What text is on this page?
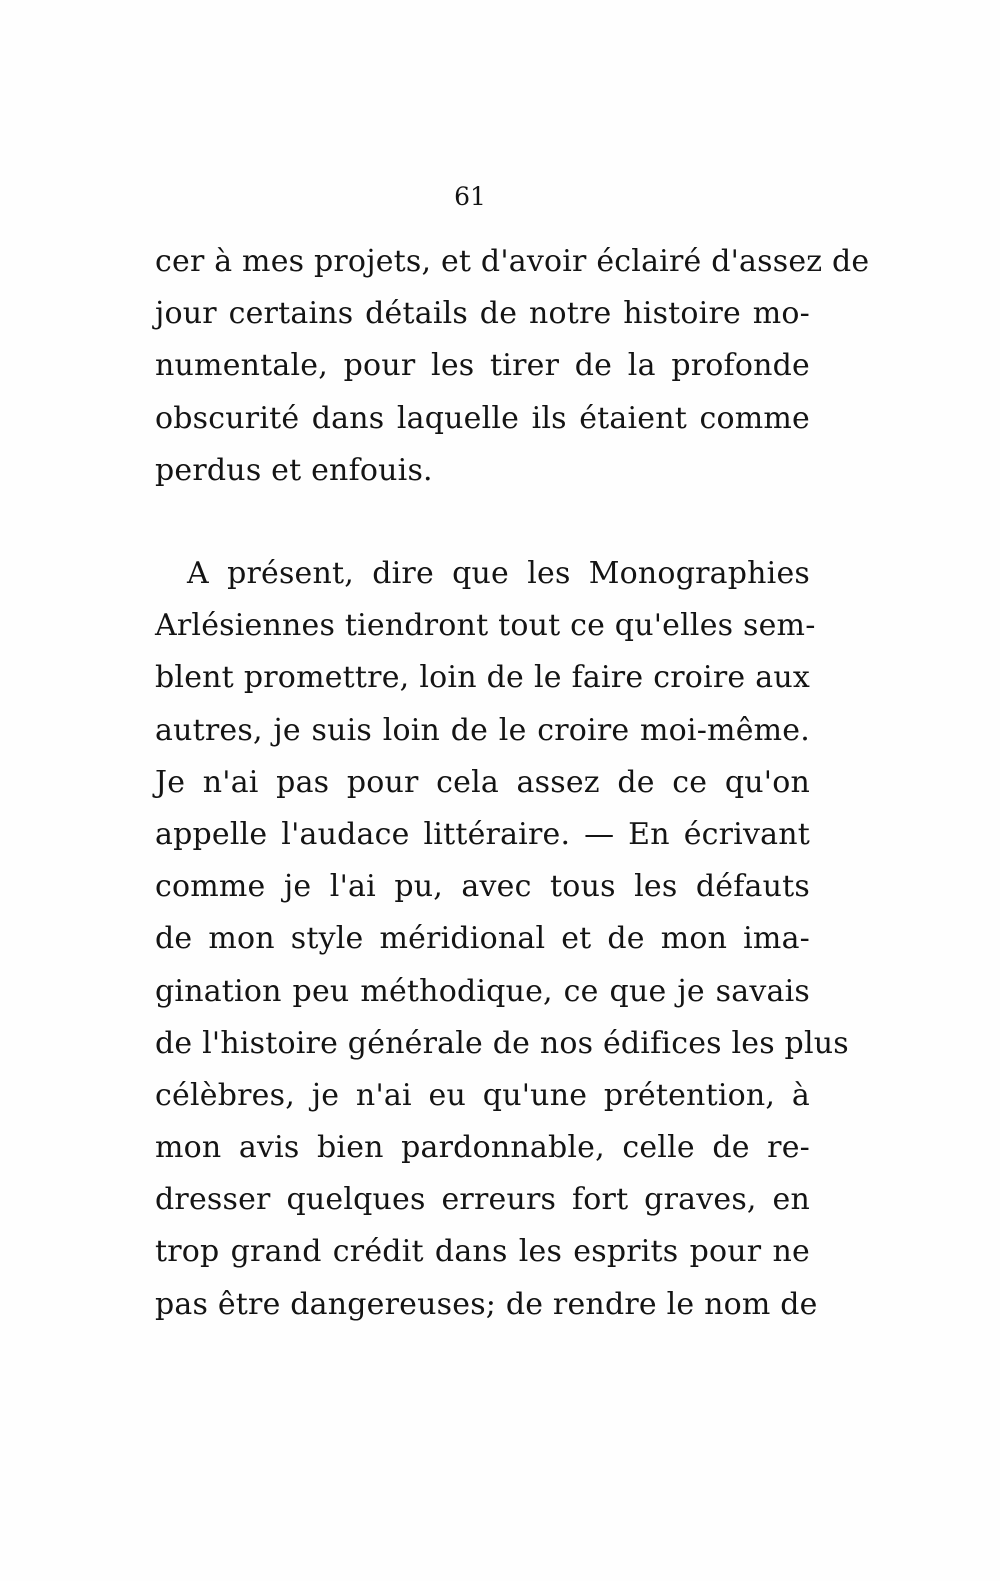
61
cer à mes projets, et d'avoir éclairé d'assez de
jour certains détails de notre histoire mo-
numentale, pour les tirer de la profonde
obscurité dans laquelle ils étaient comme
perdus et enfouis.
A présent, dire que les Monographies
Arlésiennes tiendront tout ce qu'elles sem-
blent promettre, loin de le faire croire aux
autres, je suis loin de le croire moi-même.
Je n'ai pas pour cela assez de ce qu'on
appelle l'audace littéraire. — En écrivant
comme je l'ai pu, avec tous les défauts
de mon style méridional et de mon ima-
gination peu méthodique, ce que je savais
de l'histoire générale de nos édifices les plus
célèbres, je n'ai eu qu'une prétention, à
mon avis bien pardonnable, celle de re-
dresser quelques erreurs fort graves, en
trop grand crédit dans les esprits pour ne
pas être dangereuses; de rendre le nom de
